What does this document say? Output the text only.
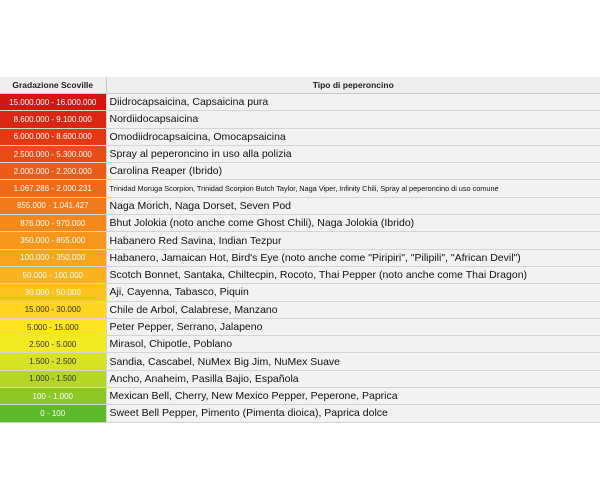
Gradazione Scoville	Tipo di peperoncino
15.000.000 - 16.000.000	Diidrocapsaicina, Capsaicina pura
8.600.000 - 9.100.000	Nordiidocapsaicina
6.000.000 - 8.600.000	Omodiidrocapsaicina, Omocapsaicina
2.500.000 - 5.300.000	Spray al peperoncino in uso alla polizia
2.000.000 - 2.200.000	Carolina Reaper (Ibrido)
1.067.286 - 2.000.231	Trinidad Moruga Scorpion, Trinidad Scorpion Butch Taylor, Naga Viper, Infinity Chili, Spray al peperoncino di uso comune
855.000 - 1.041.427	Naga Morich, Naga Dorset, Seven Pod
876.000 - 970.000	Bhut Jolokia (noto anche come Ghost Chili), Naga Jolokia (Ibrido)
350.000 - 855.000	Habanero Red Savina, Indian Tezpur
100.000 - 350.000	Habanero, Jamaican Hot, Bird's Eye (noto anche come "Piripiri", "Pilipili", "African Devil")
50.000 - 100.000	Scotch Bonnet, Santaka, Chiltecpin, Rocoto, Thai Pepper (noto anche come Thai Dragon)
30.000 - 50.000	Aji, Cayenna, Tabasco, Piquin
15.000 - 30.000	Chile de Arbol, Calabrese, Manzano
5.000 - 15.000	Peter Pepper, Serrano, Jalapeno
2.500 - 5.000	Mirasol, Chipotle, Poblano
1.500 - 2.500	Sandia, Cascabel, NuMex Big Jim, NuMex Suave
1.000 - 1.500	Ancho, Anaheim, Pasilla Bajio, Española
100 - 1.000	Mexican Bell, Cherry, New Mexico Pepper, Peperone, Paprica
0 - 100	Sweet Bell Pepper, Pimento (Pimenta dioica), Paprica dolce
